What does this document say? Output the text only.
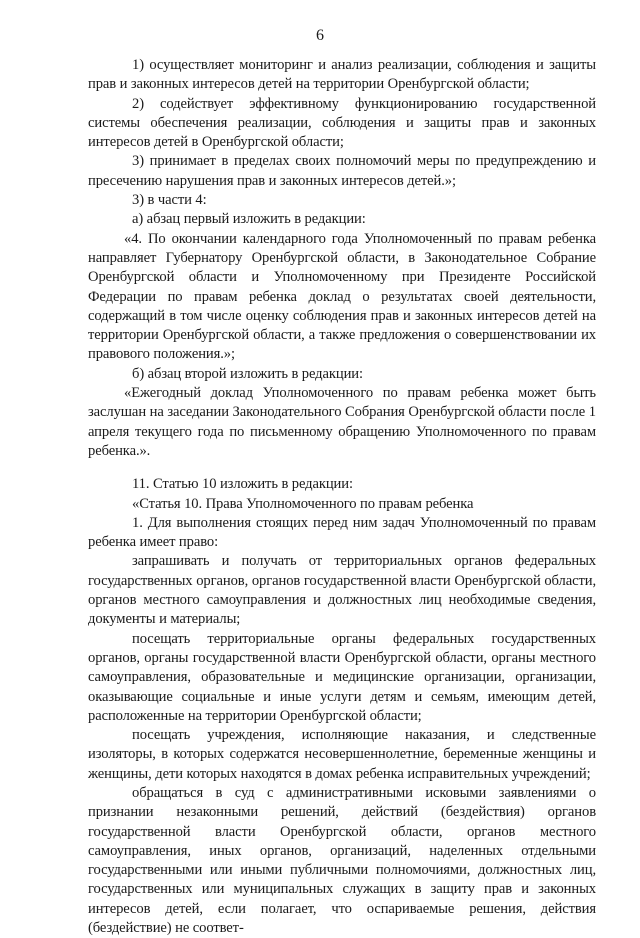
6

1) осуществляет мониторинг и анализ реализации, соблюдения и защиты прав и законных интересов детей на территории Оренбургской области;

2) содействует эффективному функционированию государственной системы обеспечения реализации, соблюдения и защиты прав и законных интересов детей в Оренбургской области;

3) принимает в пределах своих полномочий меры по предупреждению и пресечению нарушения прав и законных интересов детей.»;

3) в части 4:

а) абзац первый изложить в редакции:

«4. По окончании календарного года Уполномоченный по правам ребенка направляет Губернатору Оренбургской области, в Законодательное Собрание Оренбургской области и Уполномоченному при Президенте Российской Федерации по правам ребенка доклад о результатах своей деятельности, содержащий в том числе оценку соблюдения прав и законных интересов детей на территории Оренбургской области, а также предложения о совершенствовании их правового положения.»;

б) абзац второй изложить в редакции:

«Ежегодный доклад Уполномоченного по правам ребенка может быть заслушан на заседании Законодательного Собрания Оренбургской области после 1 апреля текущего года по письменному обращению Уполномоченного по правам ребенка.».

11. Статью 10 изложить в редакции:

«Статья 10. Права Уполномоченного по правам ребенка

1. Для выполнения стоящих перед ним задач Уполномоченный по правам ребенка имеет право:

запрашивать и получать от территориальных органов федеральных государственных органов, органов государственной власти Оренбургской области, органов местного самоуправления и должностных лиц необходимые сведения, документы и материалы;

посещать территориальные органы федеральных государственных органов, органы государственной власти Оренбургской области, органы местного самоуправления, образовательные и медицинские организации, организации, оказывающие социальные и иные услуги детям и семьям, имеющим детей, расположенные на территории Оренбургской области;

посещать учреждения, исполняющие наказания, и следственные изоляторы, в которых содержатся несовершеннолетние, беременные женщины и женщины, дети которых находятся в домах ребенка исправительных учреждений;

обращаться в суд с административными исковыми заявлениями о признании незаконными решений, действий (бездействия) органов государственной власти Оренбургской области, органов местного самоуправления, иных органов, организаций, наделенных отдельными государственными или иными публичными полномочиями, должностных лиц, государственных или муниципальных служащих в защиту прав и законных интересов детей, если полагает, что оспариваемые решения, действия (бездействие) не соответ-
